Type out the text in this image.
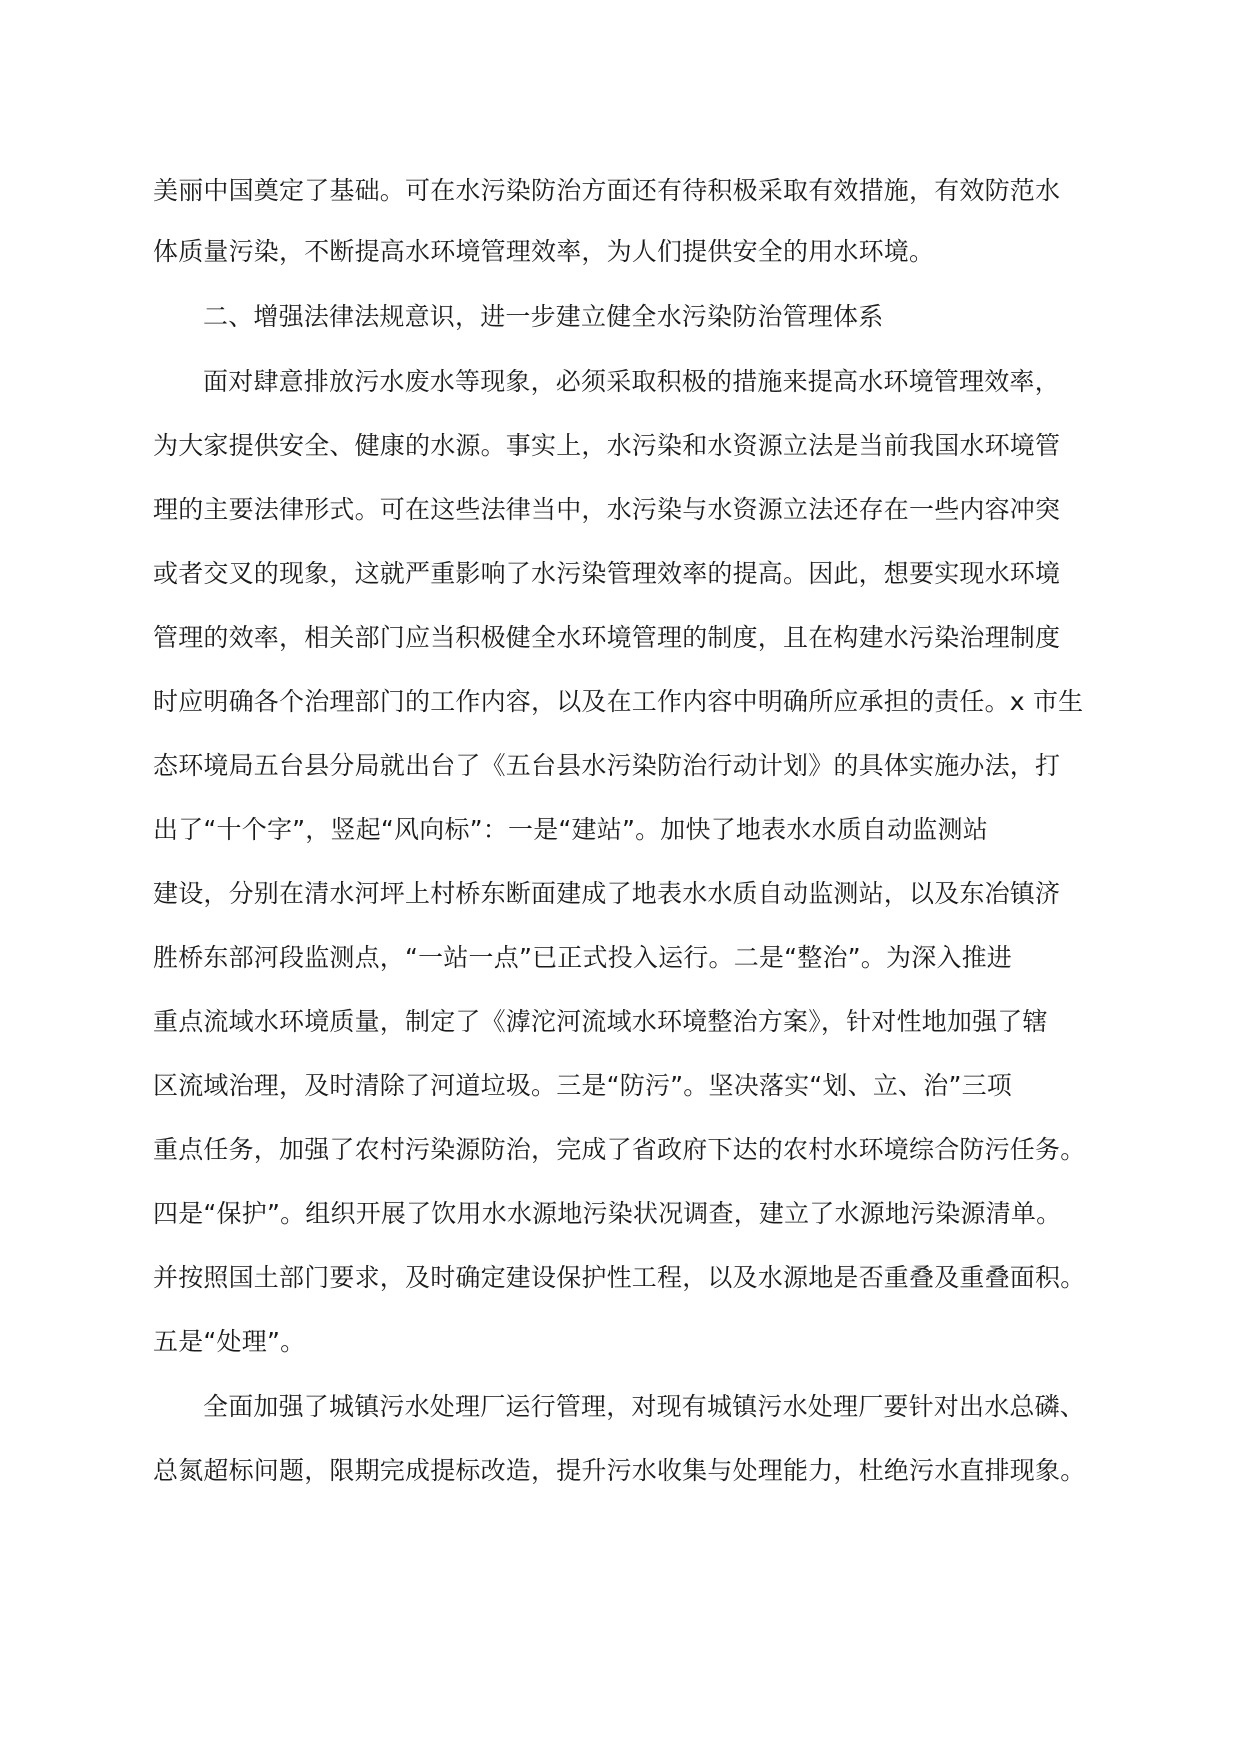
美丽中国奠定了基础。可在水污染防治方面还有待积极采取有效措施，有效防范水
体质量污染，不断提高水环境管理效率，为人们提供安全的用水环境。
二、增强法律法规意识，进一步建立健全水污染防治管理体系
面对肆意排放污水废水等现象，必须采取积极的措施来提高水环境管理效率，
为大家提供安全、健康的水源。事实上，水污染和水资源立法是当前我国水环境管
理的主要法律形式。可在这些法律当中，水污染与水资源立法还存在一些内容冲突
或者交叉的现象，这就严重影响了水污染管理效率的提高。因此，想要实现水环境
管理的效率，相关部门应当积极健全水环境管理的制度，且在构建水污染治理制度
时应明确各个治理部门的工作内容，以及在工作内容中明确所应承担的责任。x 市生
态环境局五台县分局就出台了《五台县水污染防治行动计划》的具体实施办法，打
出了“十个字”，竖起“风向标”：一是“建站”。加快了地表水水质自动监测站
建设，分别在清水河坪上村桥东断面建成了地表水水质自动监测站，以及东冶镇济
胜桥东部河段监测点，“一站一点”已正式投入运行。二是“整治”。为深入推进
重点流域水环境质量，制定了《滹沱河流域水环境整治方案》，针对性地加强了辖
区流域治理，及时清除了河道垃圾。三是“防污”。坚决落实“划、立、治”三项
重点任务，加强了农村污染源防治，完成了省政府下达的农村水环境综合防污任务。
四是“保护”。组织开展了饮用水水源地污染状况调查，建立了水源地污染源清单。
并按照国土部门要求，及时确定建设保护性工程，以及水源地是否重叠及重叠面积。
五是“处理”。
全面加强了城镇污水处理厂运行管理，对现有城镇污水处理厂要针对出水总磷、
总氮超标问题，限期完成提标改造，提升污水收集与处理能力，杜绝污水直排现象。
